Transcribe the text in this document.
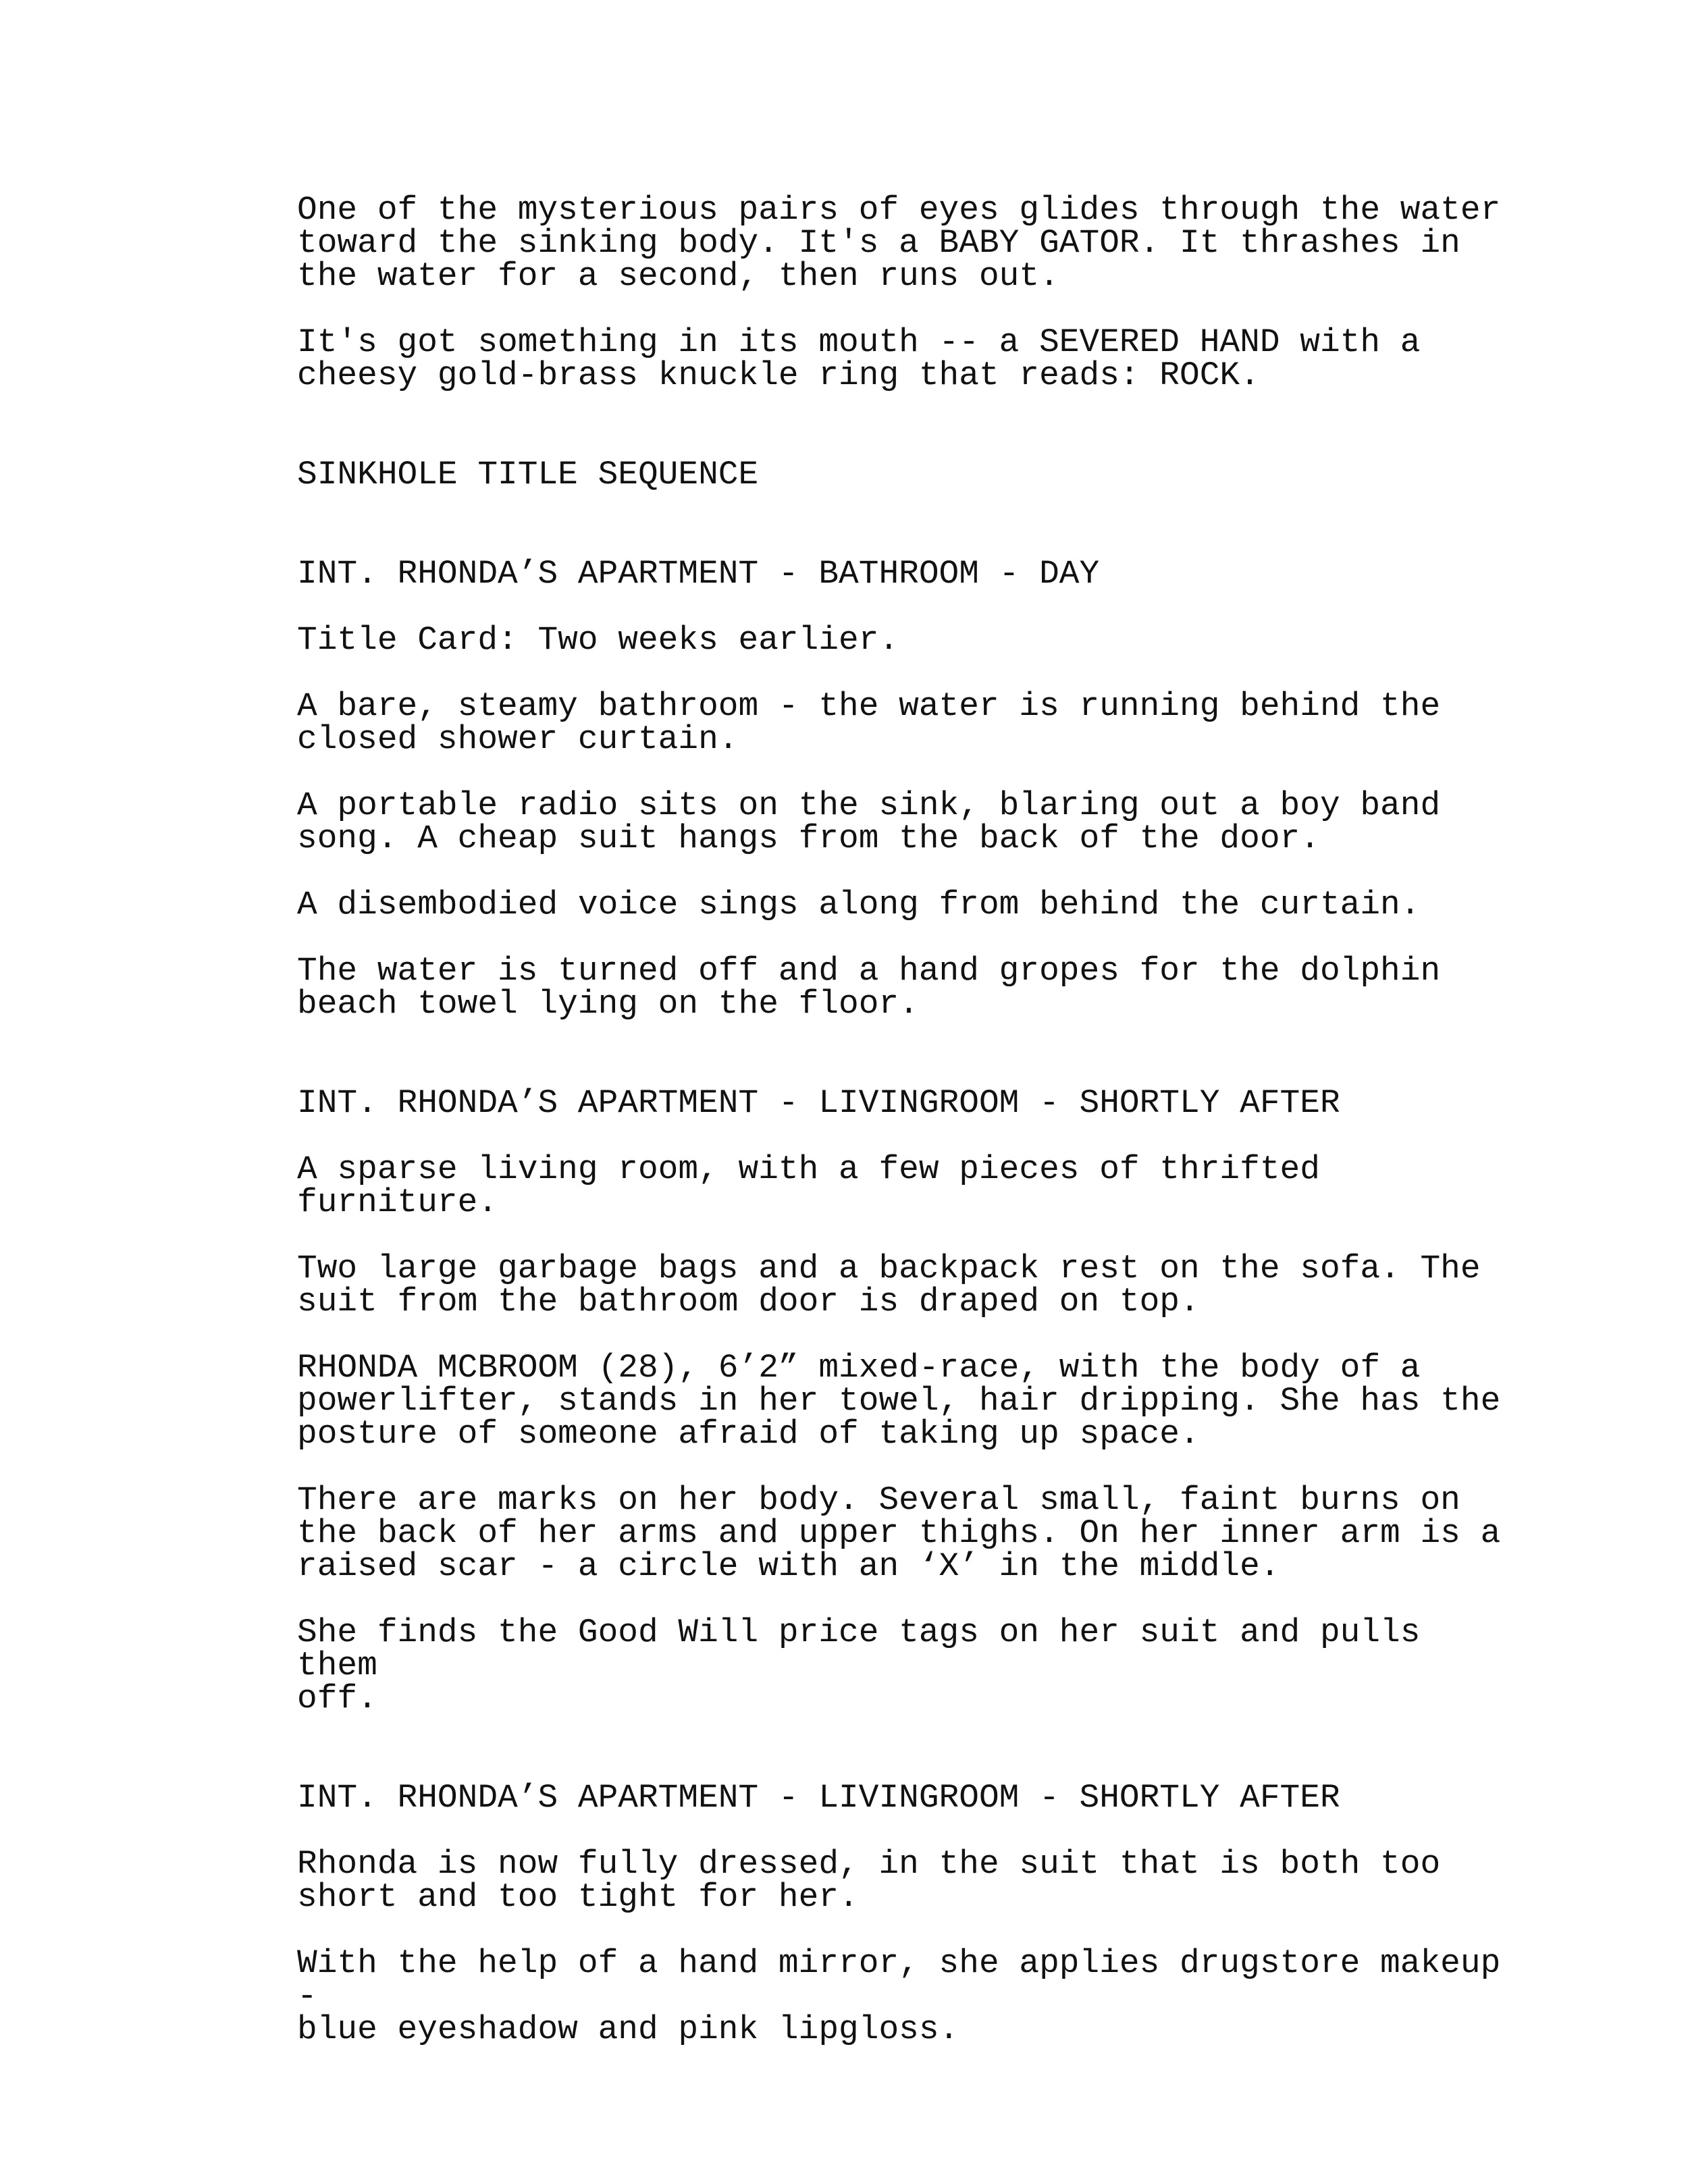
One of the mysterious pairs of eyes glides through the water
toward the sinking body. It's a BABY GATOR. It thrashes in
the water for a second, then runs out.
It's got something in its mouth -- a SEVERED HAND with a
cheesy gold-brass knuckle ring that reads: ROCK.
SINKHOLE TITLE SEQUENCE
INT. RHONDA’S APARTMENT - BATHROOM - DAY
Title Card: Two weeks earlier.
A bare, steamy bathroom - the water is running behind the
closed shower curtain.
A portable radio sits on the sink, blaring out a boy band
song. A cheap suit hangs from the back of the door.
A disembodied voice sings along from behind the curtain.
The water is turned off and a hand gropes for the dolphin
beach towel lying on the floor.
INT. RHONDA’S APARTMENT - LIVINGROOM - SHORTLY AFTER
A sparse living room, with a few pieces of thrifted
furniture.
Two large garbage bags and a backpack rest on the sofa. The
suit from the bathroom door is draped on top.
RHONDA MCBROOM (28), 6’2” mixed-race, with the body of a
powerlifter, stands in her towel, hair dripping. She has the
posture of someone afraid of taking up space.
There are marks on her body. Several small, faint burns on
the back of her arms and upper thighs. On her inner arm is a
raised scar - a circle with an ‘X’ in the middle.
She finds the Good Will price tags on her suit and pulls them
off.
INT. RHONDA’S APARTMENT - LIVINGROOM - SHORTLY AFTER
Rhonda is now fully dressed, in the suit that is both too
short and too tight for her.
With the help of a hand mirror, she applies drugstore makeup -
blue eyeshadow and pink lipgloss.
